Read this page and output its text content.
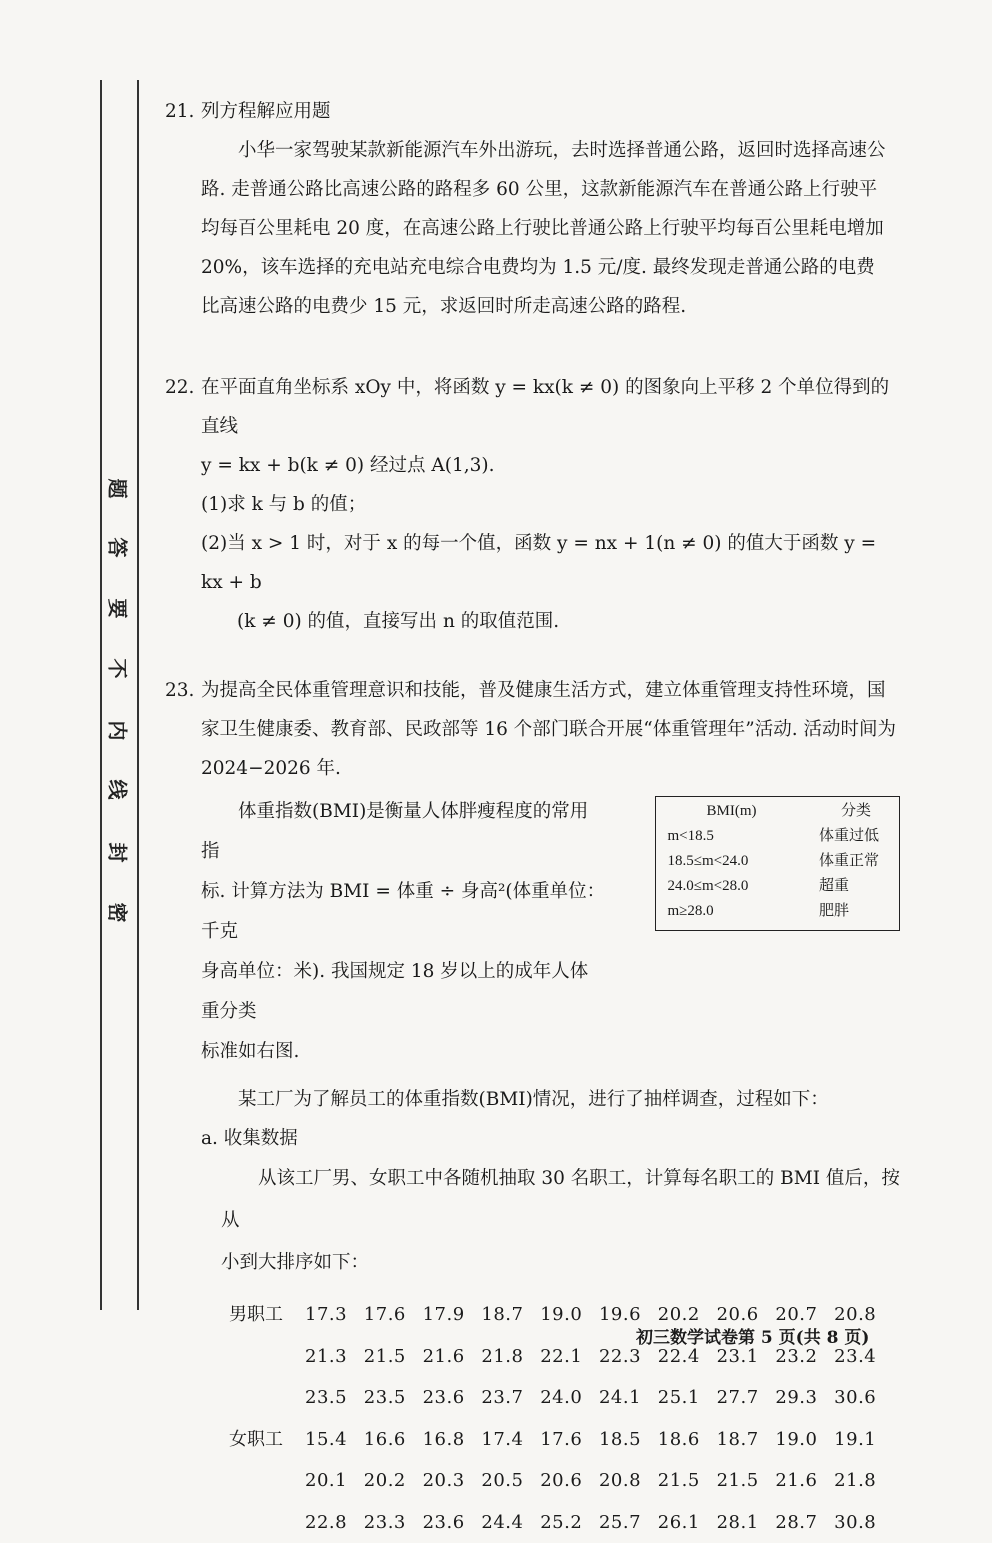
题
答
要
不
内
线
封
密
21. 列方程解应用题
小华一家驾驶某款新能源汽车外出游玩，去时选择普通公路，返回时选择高速公
路. 走普通公路比高速公路的路程多 60 公里，这款新能源汽车在普通公路上行驶平
均每百公里耗电 20 度，在高速公路上行驶比普通公路上行驶平均每百公里耗电增加
20%，该车选择的充电站充电综合电费均为 1.5 元/度. 最终发现走普通公路的电费
比高速公路的电费少 15 元，求返回时所走高速公路的路程.
22. 在平面直角坐标系 xOy 中，将函数 y = kx(k ≠ 0) 的图象向上平移 2 个单位得到的直线
y = kx + b(k ≠ 0) 经过点 A(1,3).
(1)求 k 与 b 的值；
(2)当 x > 1 时，对于 x 的每一个值，函数 y = nx + 1(n ≠ 0) 的值大于函数 y = kx + b
(k ≠ 0) 的值，直接写出 n 的取值范围.
23. 为提高全民体重管理意识和技能，普及健康生活方式，建立体重管理支持性环境，国
家卫生健康委、教育部、民政部等 16 个部门联合开展“体重管理年”活动. 活动时间为
2024−2026 年.

体重指数(BMI)是衡量人体胖瘦程度的常用指

标. 计算方法为 BMI = 体重 ÷ 身高²(体重单位：千克

身高单位：米). 我国规定 18 岁以上的成年人体重分类

标准如右图.

BMI(m)	分类
m<18.5	体重过低
18.5≤m<24.0	体重正常
24.0≤m<28.0	超重
m≥28.0	肥胖
某工厂为了解员工的体重指数(BMI)情况，进行了抽样调查，过程如下：
a. 收集数据
从该工厂男、女职工中各随机抽取 30 名职工，计算每名职工的 BMI 值后，按从
小到大排序如下：
男职工	17.3 17.6 17.9 18.7 19.0 19.6 20.2 20.6 20.7 20.8
21.3 21.5 21.6 21.8 22.1 22.3 22.4 23.1 23.2 23.4
23.5 23.5 23.6 23.7 24.0 24.1 25.1 27.7 29.3 30.6
女职工	15.4 16.6 16.8 17.4 17.6 18.5 18.6 18.7 19.0 19.1
20.1 20.2 20.3 20.5 20.6 20.8 21.5 21.5 21.6 21.8
22.8 23.3 23.6 24.4 25.2 25.7 26.1 28.1 28.7 30.8
初三数学试卷第 5 页(共 8 页)
